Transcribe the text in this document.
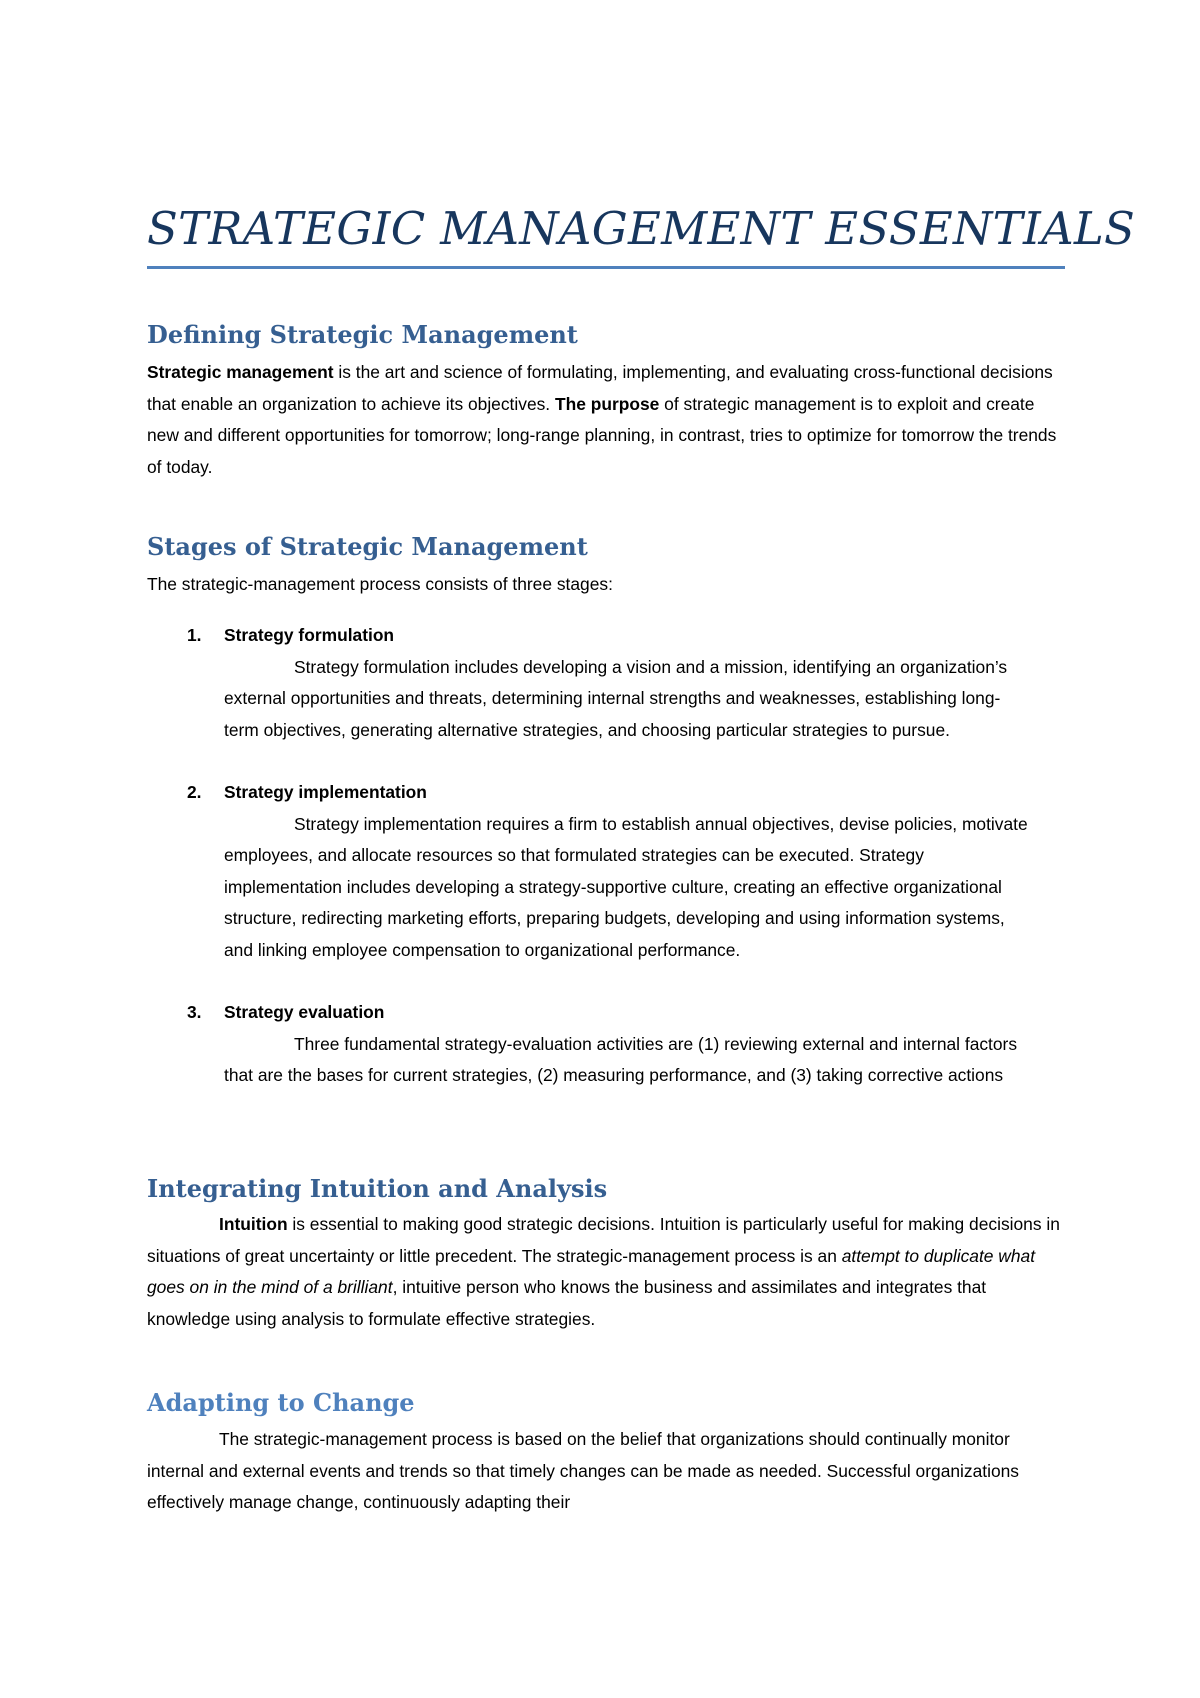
STRATEGIC MANAGEMENT ESSENTIALS
Defining Strategic Management

Strategic management is the art and science of formulating, implementing, and evaluating cross-functional decisions that enable an organization to achieve its objectives. The purpose of strategic management is to exploit and create new and different opportunities for tomorrow; long-range planning, in contrast, tries to optimize for tomorrow the trends of today.

Stages of Strategic Management

The strategic-management process consists of three stages:

1. Strategy formulation

Strategy formulation includes developing a vision and a mission, identifying an organization’s external opportunities and threats, determining internal strengths and weaknesses, establishing long-term objectives, generating alternative strategies, and choosing particular strategies to pursue.

2. Strategy implementation

Strategy implementation requires a firm to establish annual objectives, devise policies, motivate employees, and allocate resources so that formulated strategies can be executed. Strategy implementation includes developing a strategy-supportive culture, creating an effective organizational structure, redirecting marketing efforts, preparing budgets, developing and using information systems, and linking employee compensation to organizational performance.

3. Strategy evaluation

Three fundamental strategy-evaluation activities are (1) reviewing external and internal factors that are the bases for current strategies, (2) measuring performance, and (3) taking corrective actions

Integrating Intuition and Analysis

Intuition is essential to making good strategic decisions. Intuition is particularly useful for making decisions in situations of great uncertainty or little precedent. The strategic-management process is an attempt to duplicate what goes on in the mind of a brilliant, intuitive person who knows the business and assimilates and integrates that knowledge using analysis to formulate effective strategies.

Adapting to Change

The strategic-management process is based on the belief that organizations should continually monitor internal and external events and trends so that timely changes can be made as needed. Successful organizations effectively manage change, continuously adapting their
